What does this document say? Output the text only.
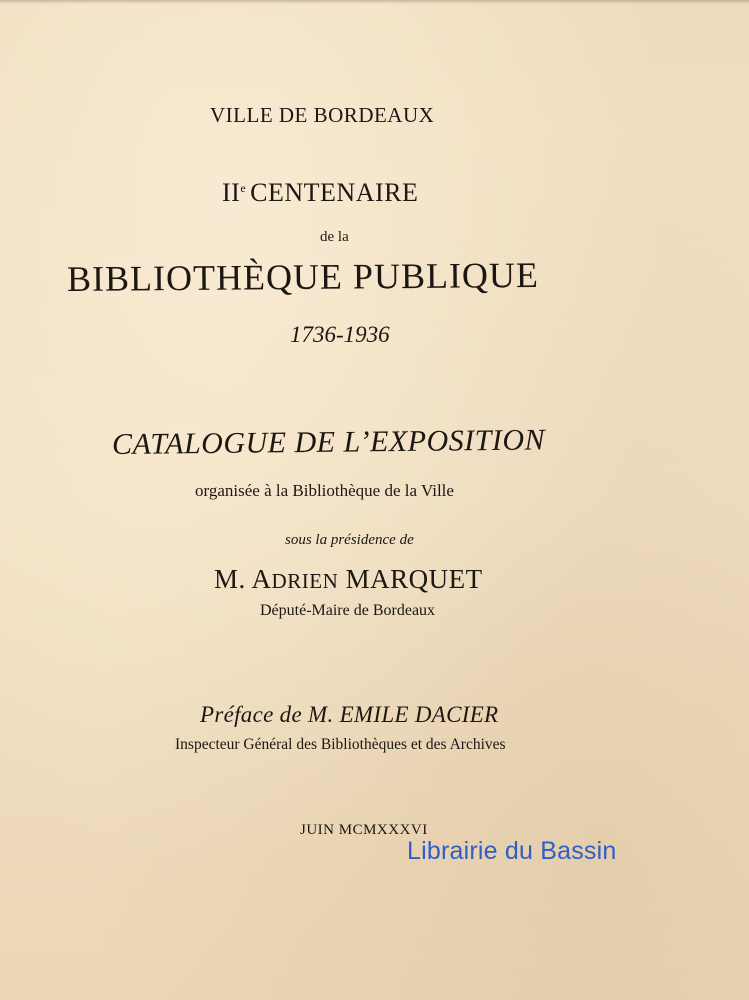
VILLE DE BORDEAUX
IIe CENTENAIRE
de la
BIBLIOTHÈQUE PUBLIQUE
1736-1936
CATALOGUE DE L’EXPOSITION
organisée à la Bibliothèque de la Ville
sous la présidence de
M. ADRIEN MARQUET
Député-Maire de Bordeaux
Préface de M. EMILE DACIER
Inspecteur Général des Bibliothèques et des Archives
JUIN MCMXXXVI
Librairie du Bassin
